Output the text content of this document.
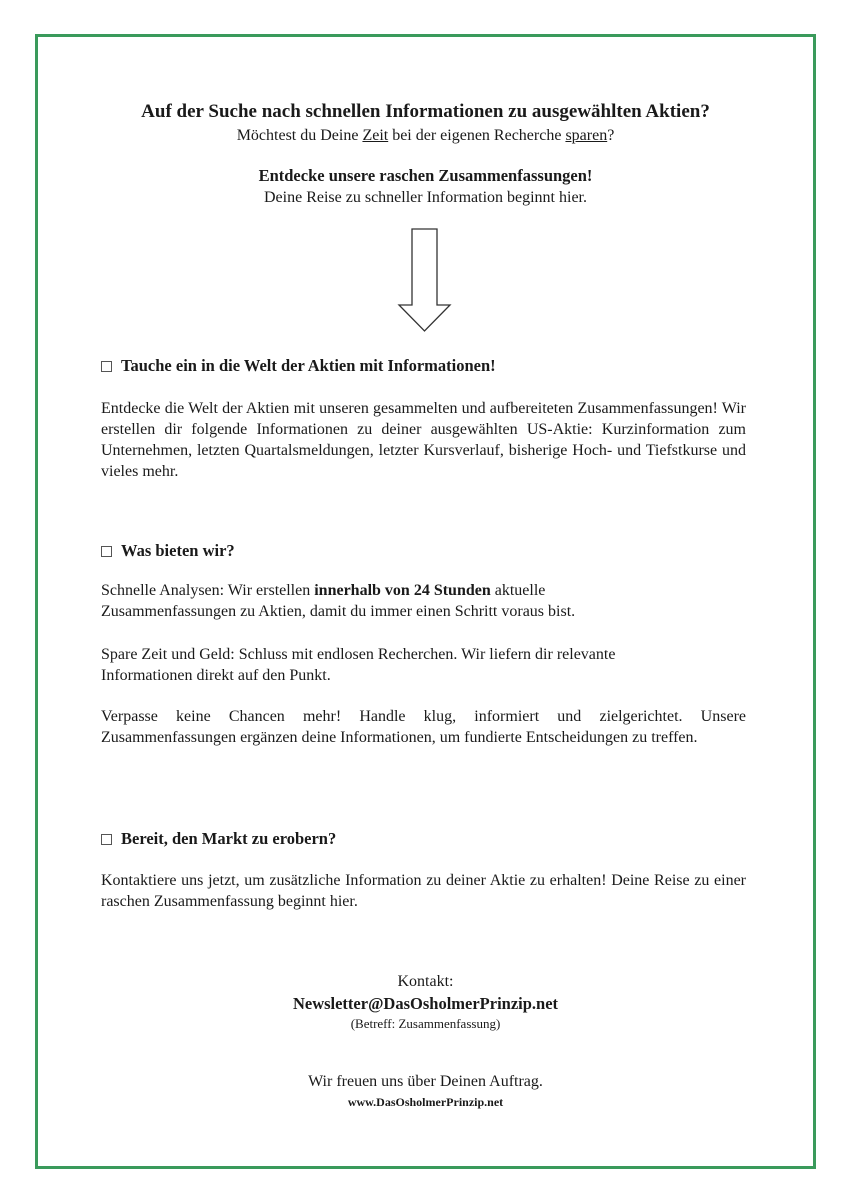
Auf der Suche nach schnellen Informationen zu ausgewählten Aktien?
Möchtest du Deine Zeit bei der eigenen Recherche sparen?
Entdecke unsere raschen Zusammenfassungen!
Deine Reise zu schneller Information beginnt hier.
Tauche ein in die Welt der Aktien mit Informationen!

Entdecke die Welt der Aktien mit unseren gesammelten und aufbereiteten Zusammenfassungen! Wir erstellen dir folgende Informationen zu deiner ausgewählten US-Aktie: Kurzinformation zum Unternehmen, letzten Quartalsmeldungen, letzter Kursverlauf, bisherige Hoch- und Tiefstkurse und vieles mehr.

Was bieten wir?

Schnelle Analysen: Wir erstellen innerhalb von 24 Stunden aktuelle Zusammenfassungen zu Aktien, damit du immer einen Schritt voraus bist.

Spare Zeit und Geld: Schluss mit endlosen Recherchen. Wir liefern dir relevante Informationen direkt auf den Punkt.

Verpasse keine Chancen mehr! Handle klug, informiert und zielgerichtet. Unsere Zusammenfassungen ergänzen deine Informationen, um fundierte Entscheidungen zu treffen.

Bereit, den Markt zu erobern?

Kontaktiere uns jetzt, um zusätzliche Information zu deiner Aktie zu erhalten! Deine Reise zu einer raschen Zusammenfassung beginnt hier.

Kontakt:
Newsletter@DasOsholmerPrinzip.net
(Betreff: Zusammenfassung)
Wir freuen uns über Deinen Auftrag.
www.DasOsholmerPrinzip.net
